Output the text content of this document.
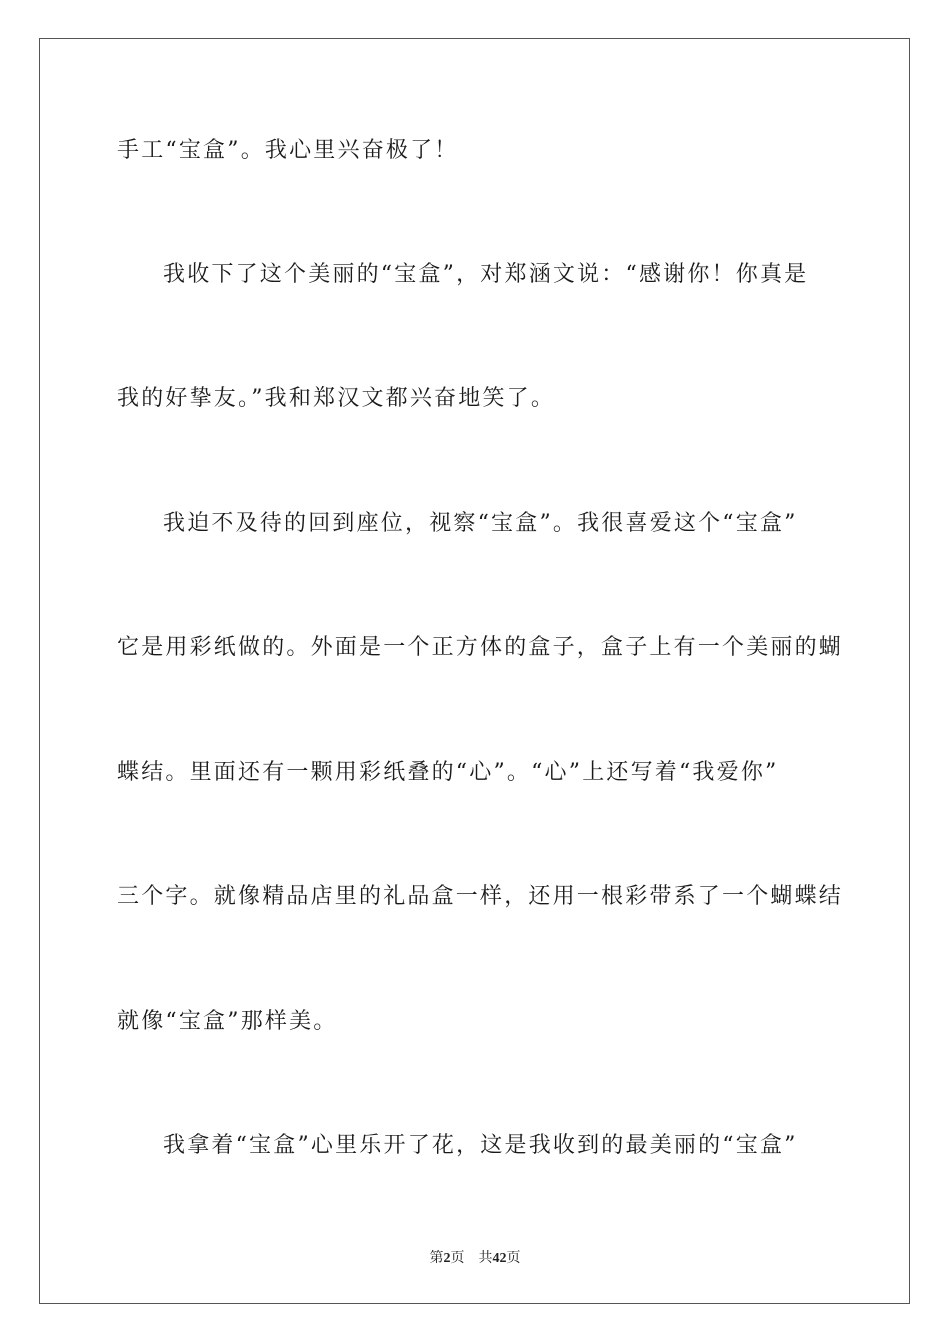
手工“宝盒”。我心里兴奋极了！
我收下了这个美丽的“宝盒”，对郑涵文说：“感谢你！你真是
我的好挚友。”我和郑汉文都兴奋地笑了。
我迫不及待的回到座位，视察“宝盒”。我很喜爱这个“宝盒”
它是用彩纸做的。外面是一个正方体的盒子，盒子上有一个美丽的蝴
蝶结。里面还有一颗用彩纸叠的“心”。“心”上还写着“我爱你”
三个字。就像精品店里的礼品盒一样，还用一根彩带系了一个蝴蝶结
就像“宝盒”那样美。
我拿着“宝盒”心里乐开了花，这是我收到的最美丽的“宝盒”
第2页 共42页
